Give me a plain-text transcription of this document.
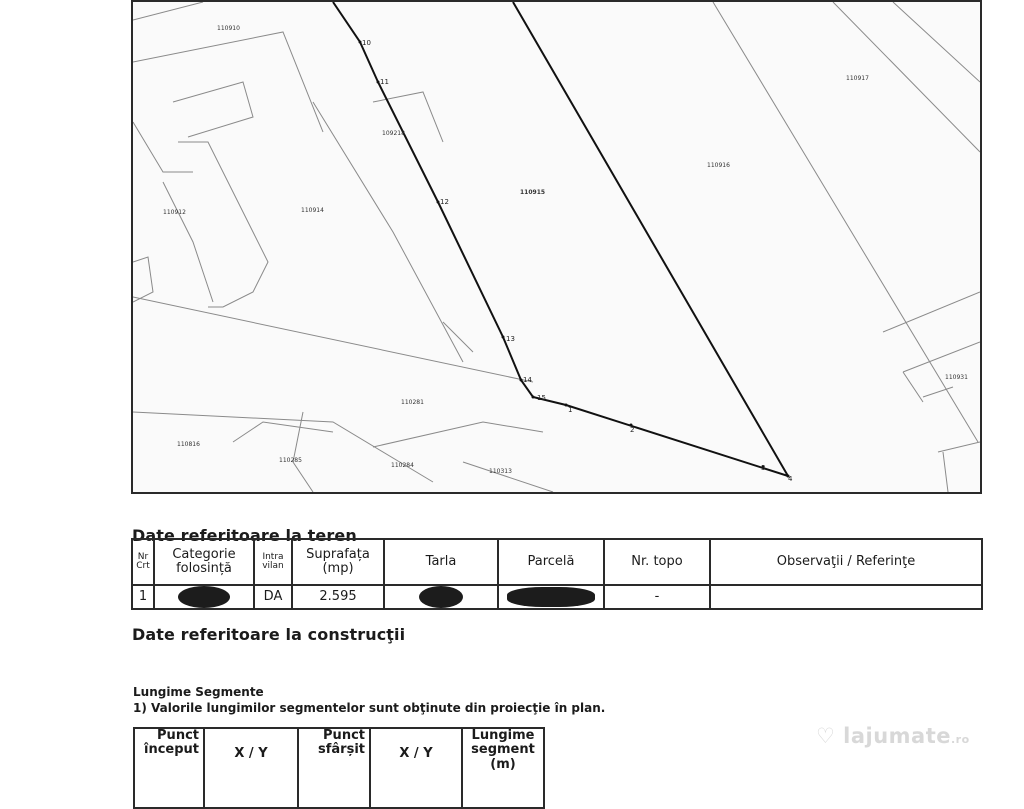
110910
110917
109218
110915
110916
110912	110914
110281
110931
110816
110285
110284
110313
10
11
12
13
14
15
1
2
3
4
Date referitoare la teren
Nr Crt	Categorie folosință	Intra vilan	Suprafața (mp)	Tarla	Parcelă	Nr. topo	Observaţii / Referinţe
1		DA	2.595			-	
Date referitoare la construcţii
Lungime Segmente
1) Valorile lungimilor segmentelor sunt obţinute din proiecţie în plan.
Punct început	X / Y	Punct sfârșit	X / Y	Lungime segment (m)
♡ lajumate.ro
